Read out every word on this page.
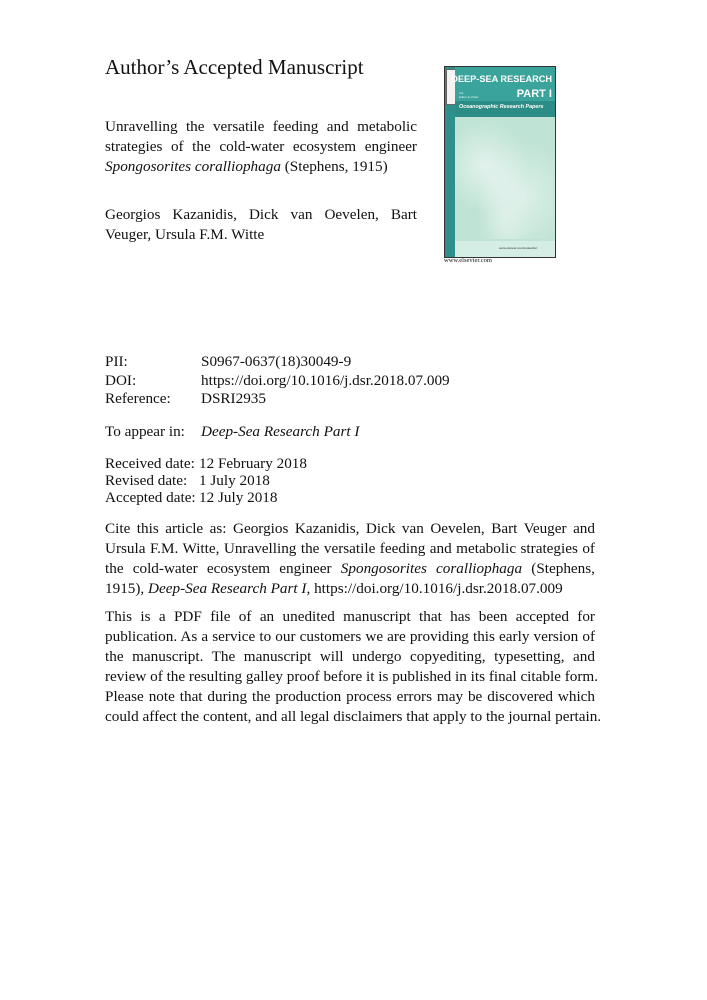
Author’s Accepted Manuscript
Unravelling the versatile feeding and metabolic
strategies of the cold-water ecosystem engineer
Spongosorites coralliophaga (Stephens, 1915)
Georgios Kazanidis, Dick van Oevelen, Bart
Veuger, Ursula F.M. Witte
DEEP-SEA RESEARCH
PART I
Oceanographic Research Papers
Vol.
Editor-in-Chief
www.elsevier.com/locate/dsri
www.elsevier.com
PII:	S0967-0637(18)30049-9
DOI:	https://doi.org/10.1016/j.dsr.2018.07.009
Reference: DSRI2935
To appear in: Deep-Sea Research Part I
Received date: 12 February 2018
Revised date: 1 July 2018
Accepted date: 12 July 2018
Cite this article as: Georgios Kazanidis, Dick van Oevelen, Bart Veuger and
Ursula F.M. Witte, Unravelling the versatile feeding and metabolic strategies of
the cold-water ecosystem engineer Spongosorites coralliophaga (Stephens,
1915), Deep-Sea Research Part I, https://doi.org/10.1016/j.dsr.2018.07.009
This is a PDF file of an unedited manuscript that has been accepted for
publication. As a service to our customers we are providing this early version of
the manuscript. The manuscript will undergo copyediting, typesetting, and
review of the resulting galley proof before it is published in its final citable form.
Please note that during the production process errors may be discovered which
could affect the content, and all legal disclaimers that apply to the journal pertain.
